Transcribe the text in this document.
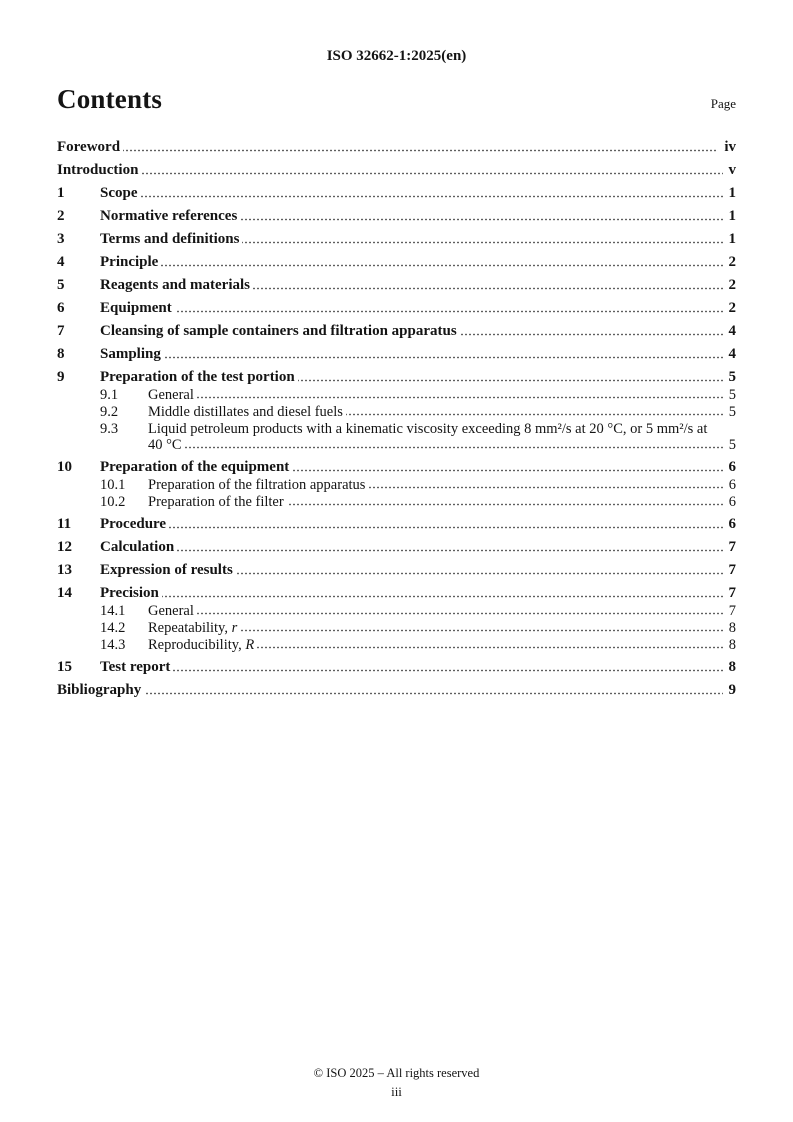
ISO 32662-1:2025(en)
Contents	Page
Foreword	iv
Introduction	v
1	Scope	1
2	Normative references	1
3	Terms and definitions	1
4	Principle	2
5	Reagents and materials	2
6	Equipment	2
7	Cleansing of sample containers and filtration apparatus	4
8	Sampling	4
9	Preparation of the test portion	5
9.1	General	5
9.2	Middle distillates and diesel fuels	5
9.3	Liquid petroleum products with a kinematic viscosity exceeding 8 mm²/s at 20 °C, or 5 mm²/s at 40 °C	5
10	Preparation of the equipment	6
10.1	Preparation of the filtration apparatus	6
10.2	Preparation of the filter	6
11	Procedure	6
12	Calculation	7
13	Expression of results	7
14	Precision	7
14.1	General	7
14.2	Repeatability, r	8
14.3	Reproducibility, R	8
15	Test report	8
Bibliography	9
© ISO 2025 – All rights reserved
iii
